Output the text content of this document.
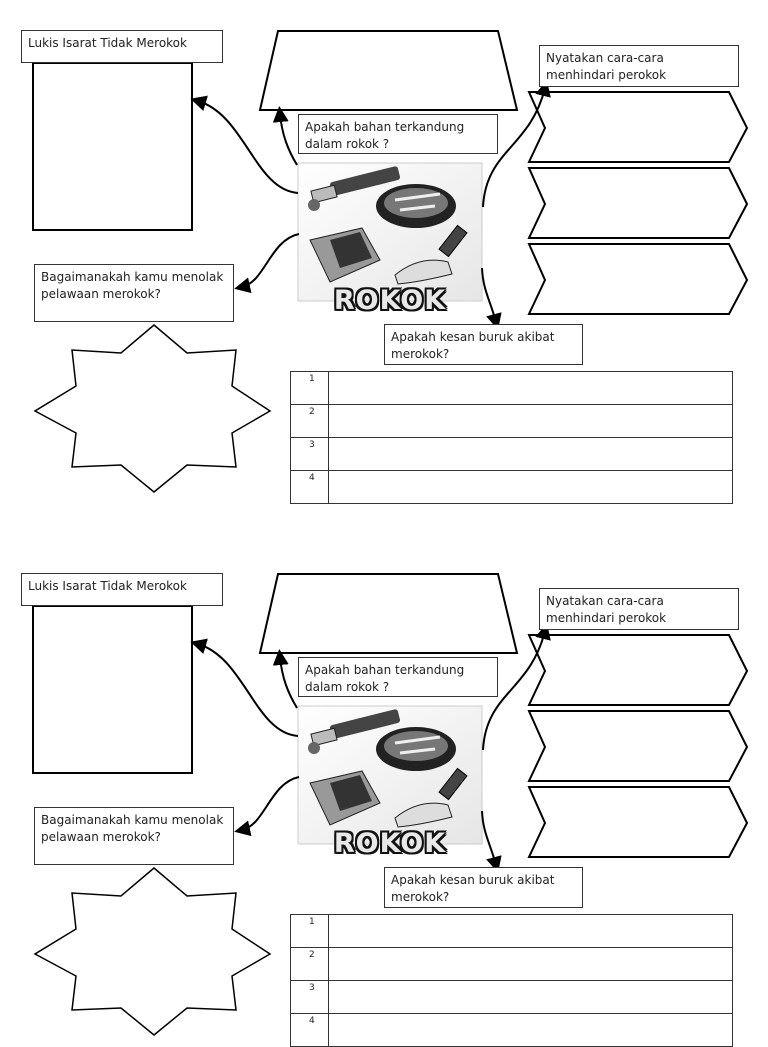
Lukis Isarat Tidak Merokok
Nyatakan cara-cara menhindari perokok
Apakah bahan terkandung dalam rokok ?
Bagaimanakah kamu menolak pelawaan merokok?
Apakah kesan buruk akibat merokok?
ROKOK
1	
2	
3	
4	
Lukis Isarat Tidak Merokok
Nyatakan cara-cara menhindari perokok
Apakah bahan terkandung dalam rokok ?
Bagaimanakah kamu menolak pelawaan merokok?
Apakah kesan buruk akibat merokok?
ROKOK
1	
2	
3	
4	
